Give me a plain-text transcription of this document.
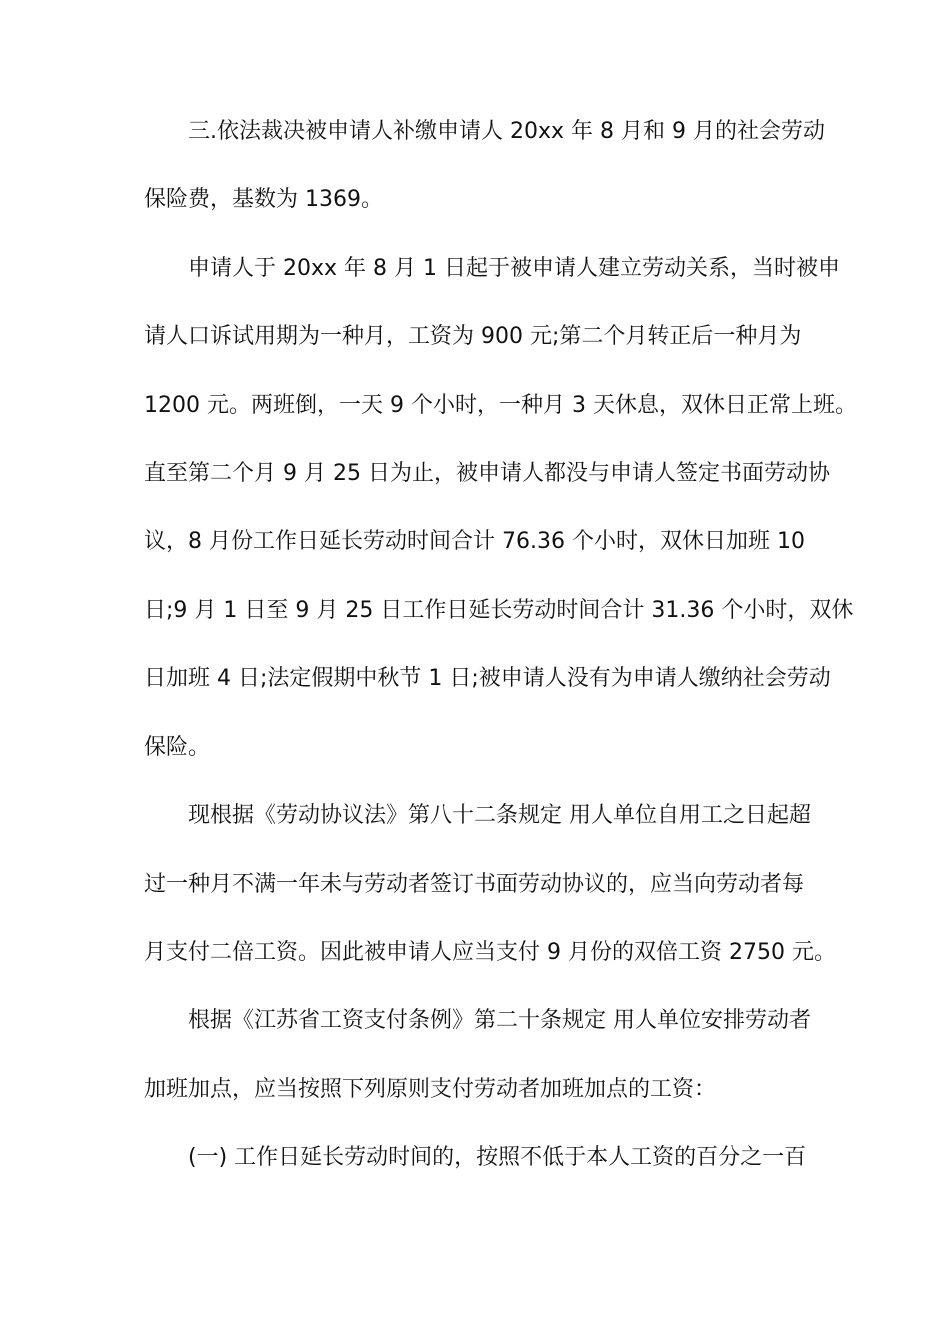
三.依法裁决被申请人补缴申请人 20xx 年 8 月和 9 月的社会劳动
保险费，基数为 1369。
申请人于 20xx 年 8 月 1 日起于被申请人建立劳动关系，当时被申
请人口诉试用期为一种月，工资为 900 元;第二个月转正后一种月为
1200 元。两班倒，一天 9 个小时，一种月 3 天休息，双休日正常上班。
直至第二个月 9 月 25 日为止，被申请人都没与申请人签定书面劳动协
议，8 月份工作日延长劳动时间合计 76.36 个小时，双休日加班 10
日;9 月 1 日至 9 月 25 日工作日延长劳动时间合计 31.36 个小时，双休
日加班 4 日;法定假期中秋节 1 日;被申请人没有为申请人缴纳社会劳动
保险。
现根据《劳动协议法》第八十二条规定 用人单位自用工之日起超
过一种月不满一年未与劳动者签订书面劳动协议的，应当向劳动者每
月支付二倍工资。因此被申请人应当支付 9 月份的双倍工资 2750 元。
根据《江苏省工资支付条例》第二十条规定 用人单位安排劳动者
加班加点，应当按照下列原则支付劳动者加班加点的工资：
(一) 工作日延长劳动时间的，按照不低于本人工资的百分之一百
